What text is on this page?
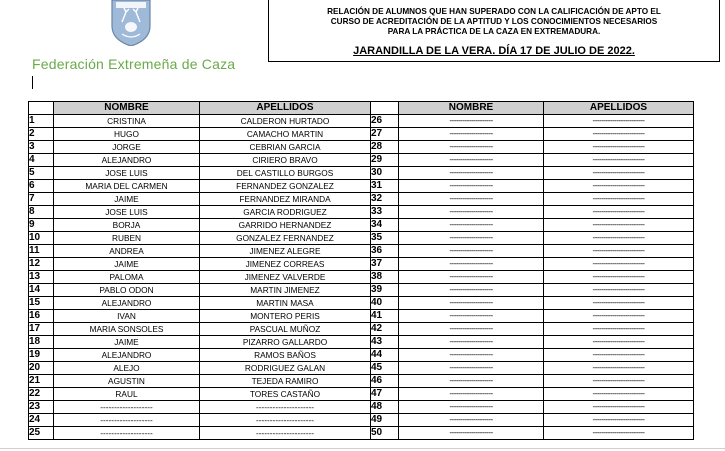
Federación Extremeña de Caza
RELACIÓN DE ALUMNOS QUE HAN SUPERADO CON LA CALIFICACIÓN DE APTO EL
CURSO DE ACREDITACIÓN DE LA APTITUD Y LOS CONOCIMIENTOS NECESARIOS
PARA LA PRÁCTICA DE LA CAZA EN EXTREMADURA.
JARANDILLA DE LA VERA. DÍA 17 DE JULIO DE 2022.
	NOMBRE	APELLIDOS		NOMBRE	APELLIDOS
1	CRISTINA	CALDERON HURTADO	26	--------------------	------------------------
2	HUGO	CAMACHO MARTIN	27	--------------------	------------------------
3	JORGE	CEBRIAN GARCIA	28	--------------------	------------------------
4	ALEJANDRO	CIRIERO BRAVO	29	--------------------	------------------------
5	JOSE LUIS	DEL CASTILLO BURGOS	30	--------------------	------------------------
6	MARIA DEL CARMEN	FERNANDEZ GONZALEZ	31	--------------------	------------------------
7	JAIME	FERNANDEZ MIRANDA	32	--------------------	------------------------
8	JOSE LUIS	GARCIA RODRIGUEZ	33	--------------------	------------------------
9	BORJA	GARRIDO HERNANDEZ	34	--------------------	------------------------
10	RUBEN	GONZALEZ FERNANDEZ	35	--------------------	------------------------
11	ANDREA	JIMENEZ ALEGRE	36	--------------------	------------------------
12	JAIME	JIMENEZ CORREAS	37	--------------------	------------------------
13	PALOMA	JIMENEZ VALVERDE	38	--------------------	------------------------
14	PABLO ODON	MARTIN JIMENEZ	39	--------------------	------------------------
15	ALEJANDRO	MARTIN MASA	40	--------------------	------------------------
16	IVAN	MONTERO PERIS	41	--------------------	------------------------
17	MARIA SONSOLES	PASCUAL MUÑOZ	42	--------------------	------------------------
18	JAIME	PIZARRO GALLARDO	43	--------------------	------------------------
19	ALEJANDRO	RAMOS BAÑOS	44	--------------------	------------------------
20	ALEJO	RODRIGUEZ GALAN	45	--------------------	------------------------
21	AGUSTIN	TEJEDA RAMIRO	46	--------------------	------------------------
22	RAUL	TORES CASTAÑO	47	--------------------	------------------------
23	-------------------	---------------------	48	--------------------	------------------------
24	-------------------	---------------------	49	--------------------	------------------------
25	-------------------	---------------------	50	--------------------	------------------------
